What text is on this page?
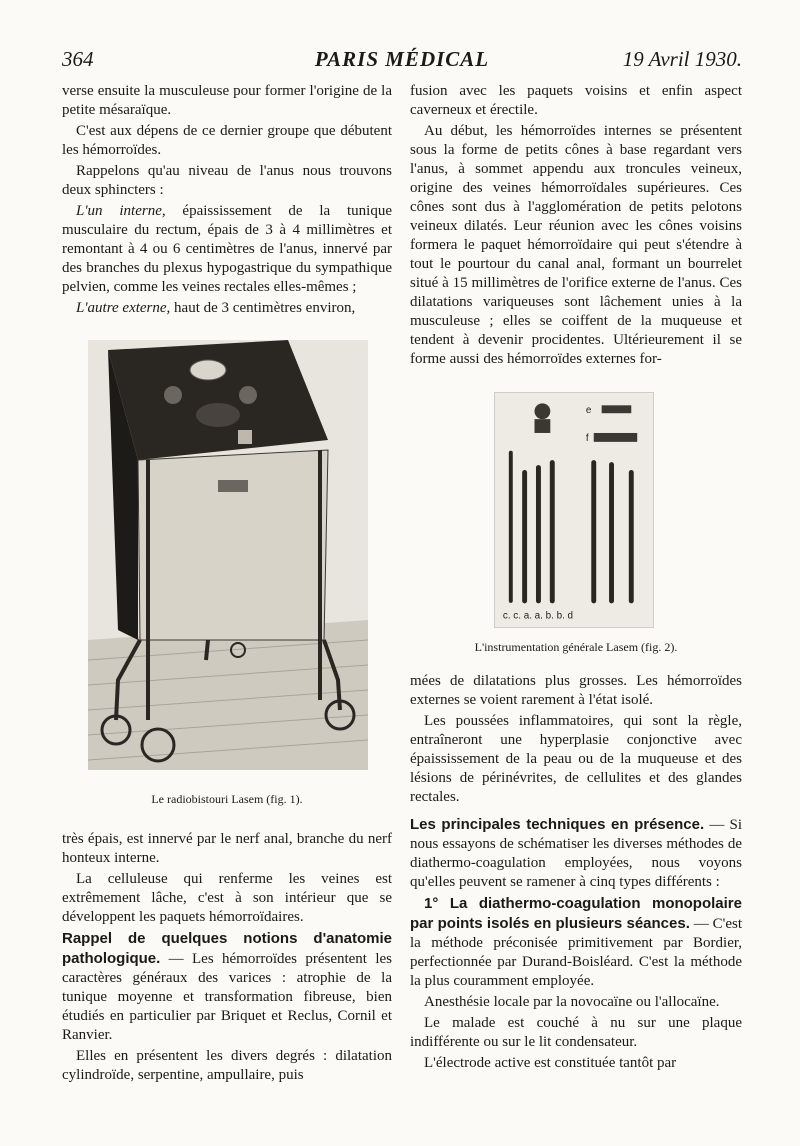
364	PARIS MÉDICAL	19 Avril 1930.

verse ensuite la musculeuse pour former l'origine de la petite mésaraïque.

C'est aux dépens de ce dernier groupe que débutent les hémorroïdes.

Rappelons qu'au niveau de l'anus nous trouvons deux sphincters :

L'un interne, épaississement de la tunique musculaire du rectum, épais de 3 à 4 millimètres et remontant à 4 ou 6 centimètres de l'anus, innervé par des branches du plexus hypogastrique du sympathique pelvien, comme les veines rectales elles-mêmes ;

L'autre externe, haut de 3 centimètres environ,

Le radiobistouri Lasem (fig. 1).

très épais, est innervé par le nerf anal, branche du nerf honteux interne.

La celluleuse qui renferme les veines est extrêmement lâche, c'est à son intérieur que se développent les paquets hémorroïdaires.

Rappel de quelques notions d'anatomie pathologique. — Les hémorroïdes présentent les caractères généraux des varices : atrophie de la tunique moyenne et transformation fibreuse, bien étudiés en particulier par Briquet et Reclus, Cornil et Ranvier.

Elles en présentent les divers degrés : dilatation cylindroïde, serpentine, ampullaire, puis

fusion avec les paquets voisins et enfin aspect caverneux et érectile.

Au début, les hémorroïdes internes se présentent sous la forme de petits cônes à base regardant vers l'anus, à sommet appendu aux troncules veineux, origine des veines hémorroïdales supérieures. Ces cônes sont dus à l'agglomération de petits pelotons veineux dilatés. Leur réunion avec les cônes voisins formera le paquet hémorroïdaire qui peut s'étendre à tout le pourtour du canal anal, formant un bourrelet situé à 15 millimètres de l'orifice externe de l'anus. Ces dilatations variqueuses sont lâchement unies à la musculeuse ; elles se coiffent de la muqueuse et tendent à devenir procidentes. Ultérieurement il se forme aussi des hémorroïdes externes for-

e
f
c. c. a. a. b. b. d
L'instrumentation générale Lasem (fig. 2).

mées de dilatations plus grosses. Les hémorroïdes externes se voient rarement à l'état isolé.

Les poussées inflammatoires, qui sont la règle, entraîneront une hyperplasie conjonctive avec épaississement de la peau ou de la muqueuse et des lésions de périnévrites, de cellulites et des glandes rectales.

Les principales techniques en présence. — Si nous essayons de schématiser les diverses méthodes de diathermo-coagulation employées, nous voyons qu'elles peuvent se ramener à cinq types différents :

1° La diathermo-coagulation monopolaire par points isolés en plusieurs séances. — C'est la méthode préconisée primitivement par Bordier, perfectionnée par Durand-Boisléard. C'est la méthode la plus couramment employée.

Anesthésie locale par la novocaïne ou l'allocaïne.

Le malade est couché à nu sur une plaque indifférente ou sur le lit condensateur.

L'électrode active est constituée tantôt par
